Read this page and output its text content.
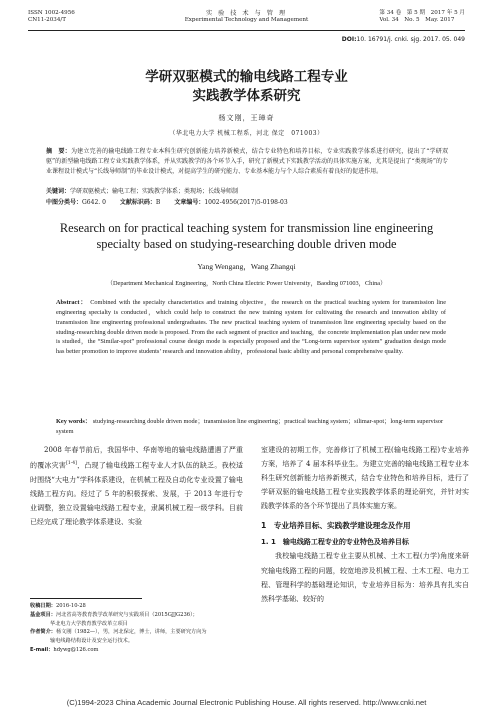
ISSN 1002-4956
CN11-2034/T
实 验 技 术 与 管 理
Experimental Technology and Management
第 34 卷　第 5 期　2017 年 5 月
Vol. 34　No. 5　May. 2017
DOI:10. 16791/j. cnki. sjg. 2017. 05. 049
学研双驱模式的输电线路工程专业
实践教学体系研究
杨文刚，王璋奇
（华北电力大学 机械工程系，河北 保定　071003）
摘　要：为建立完善的输电线路工程专业本科生研究创新能力培养新模式，结合专业特色和培养目标，专业实践教学体系进行研究，提出了“学研双驱”的新型输电线路工程专业实践教学体系，并从实践教学的各个环节入手，研究了新模式下实践教学活动的具体实施方案，尤其是提出了“类现场”的专业课程设计模式与“长线导师制”的毕业设计模式，对提高学生的研究能力、专业基本能力与个人综合素质有着良好的促进作用。
关键词：学研双驱模式；输电工程；实践教学体系；类现场；长线导师制
中图分类号：G642. 0 文献标识码：B 文章编号：1002-4956(2017)5-0198-03
Research on for practical teaching system for transmission line engineering
specialty based on studying-researching double driven mode
Yang Wengang，Wang Zhangqi
（Department Mechanical Engineering，North China Electric Power University，Baoding 071003，China）
Abstract： Combined with the specialty characteristics and training objective，the research on the practical teaching system for transmission line engineering specialty is conducted，which could help to construct the new training system for cultivating the research and innovation ability of transmission line engineering professional undergraduates. The new practical teaching system of transmission line engineering specialty based on the studing-researching double driven mode is proposed. From the each segment of practice and teaching，the concrete implementation plan under new mode is studied，the “Similar-spot” professional course design mode is especially proposed and the “Long-term supervisor system” graduation design mode has better promotion to improve students’ research and innovation ability，professional basic ability and personal comprehensive quality.
Key words： studying-researching double driven mode；transmission line engineering；practical teaching system；silimar-spot；long-term supervisor system

2008 年春节前后，我国华中、华南等地的输电线路遭遇了严重的覆冰灾害[1-4]，凸现了输电线路工程专业人才队伍的缺乏。我校适时围绕“大电力”学科体系建设，在机械工程及自动化专业设置了输电线路工程方向。经过了 5 年的积极探索、发展，于 2013 年进行专业调整，独立设置输电线路工程专业，隶属机械工程一级学科。目前已经完成了理论教学体系建设、实验

收稿日期：2016-10-28
基金项目：河北省高等教育教学改革研究与实践项目（2015GJJG236）；
华北电力大学教育教学改革立项目
作者简介：杨文刚（1982—），男，河北保定，博士，讲师，主要研究方向为
输电线路结构设计及安全运行技术。
E-mail：hdywg@126.com

室建设的初期工作，完善修订了机械工程(输电线路工程)专业培养方案，培养了 4 届本科毕业生。为建立完善的输电线路工程专业本科生研究创新能力培养新模式，结合专业特色和培养目标，进行了学研双驱的输电线路工程专业实践教学体系的理论研究，并针对实践教学体系的各个环节提出了具体实施方案。

1　专业培养目标、实践教学建设理念及作用
1. 1　输电线路工程专业的专业特色及培养目标

我校输电线路工程专业主要从机械、土木工程(力学)角度来研究输电线路工程的问题，较宽地涉及机械工程、土木工程、电力工程、管理科学的基础理论知识，专业培养目标为：培养具有扎实自然科学基础、较好的

(C)1994-2023 China Academic Journal Electronic Publishing House. All rights reserved. http://www.cnki.net
